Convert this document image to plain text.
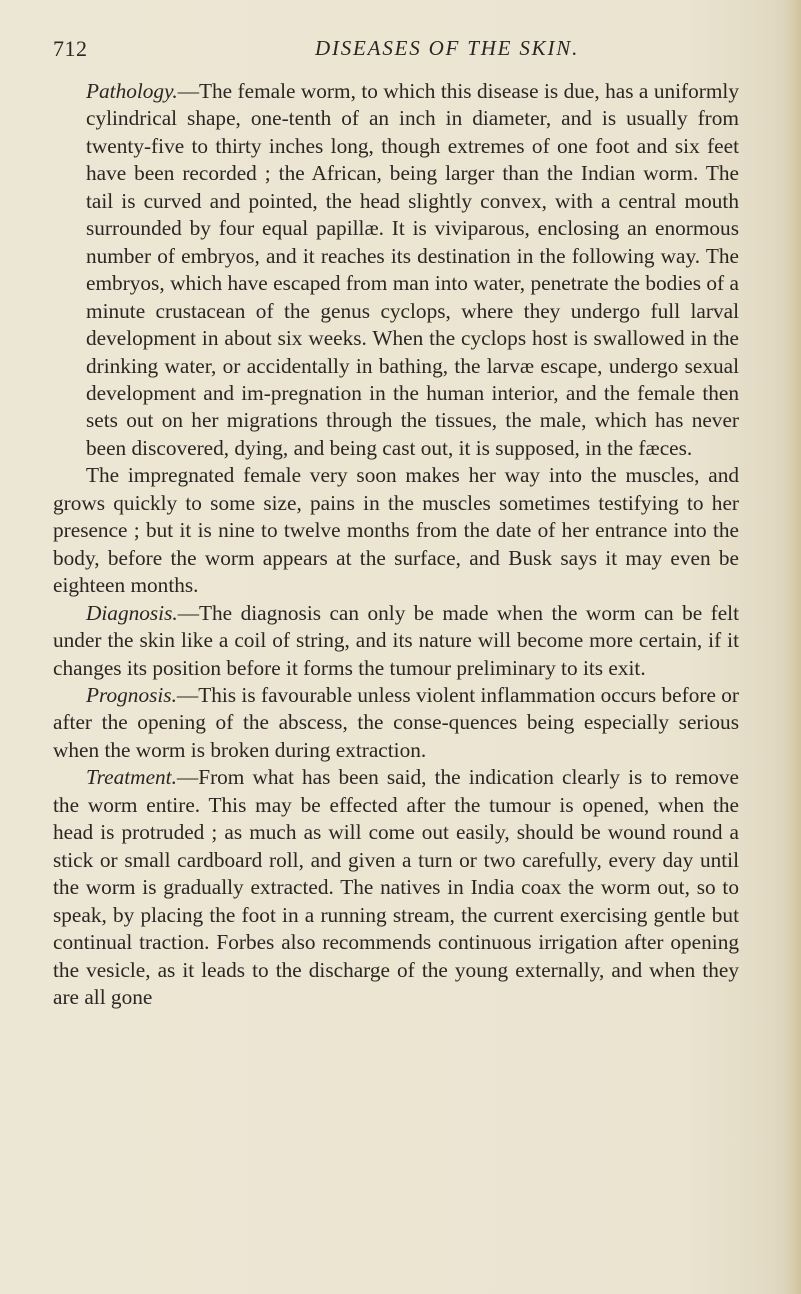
712	DISEASES OF THE SKIN.

Pathology.—The female worm, to which this disease is due, has a uniformly cylindrical shape, one-tenth of an inch in diameter, and is usually from twenty-five to thirty inches long, though extremes of one foot and six feet have been recorded ; the African, being larger than the Indian worm. The tail is curved and pointed, the head slightly convex, with a central mouth surrounded by four equal papillæ. It is viviparous, enclosing an enormous number of embryos, and it reaches its destination in the following way. The embryos, which have escaped from man into water, penetrate the bodies of a minute crustacean of the genus cyclops, where they undergo full larval development in about six weeks. When the cyclops host is swallowed in the drinking water, or accidentally in bathing, the larvæ escape, undergo sexual development and im-pregnation in the human interior, and the female then sets out on her migrations through the tissues, the male, which has never been discovered, dying, and being cast out, it is supposed, in the fæces.

The impregnated female very soon makes her way into the muscles, and grows quickly to some size, pains in the muscles sometimes testifying to her presence ; but it is nine to twelve months from the date of her entrance into the body, before the worm appears at the surface, and Busk says it may even be eighteen months.

Diagnosis.—The diagnosis can only be made when the worm can be felt under the skin like a coil of string, and its nature will become more certain, if it changes its position before it forms the tumour preliminary to its exit.

Prognosis.—This is favourable unless violent inflammation occurs before or after the opening of the abscess, the conse-quences being especially serious when the worm is broken during extraction.

Treatment.—From what has been said, the indication clearly is to remove the worm entire. This may be effected after the tumour is opened, when the head is protruded ; as much as will come out easily, should be wound round a stick or small cardboard roll, and given a turn or two carefully, every day until the worm is gradually extracted. The natives in India coax the worm out, so to speak, by placing the foot in a running stream, the current exercising gentle but continual traction. Forbes also recommends continuous irrigation after opening the vesicle, as it leads to the discharge of the young externally, and when they are all gone
